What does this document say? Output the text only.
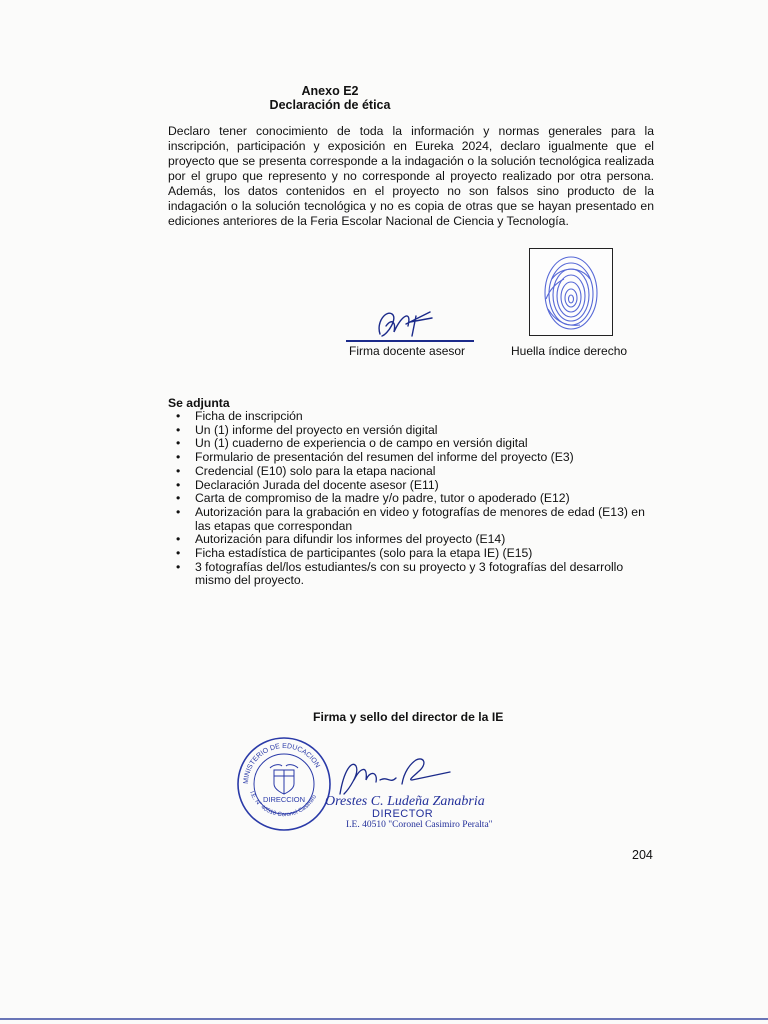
Anexo E2
Declaración de ética

Declaro tener conocimiento de toda la información y normas generales para la inscripción, participación y exposición en Eureka 2024, declaro igualmente que el proyecto que se presenta corresponde a la indagación o la solución tecnológica realizada por el grupo que represento y no corresponde al proyecto realizado por otra persona. Además, los datos contenidos en el proyecto no son falsos sino producto de la indagación o la solución tecnológica y no es copia de otras que se hayan presentado en ediciones anteriores de la Feria Escolar Nacional de Ciencia y Tecnología.

Firma docente asesor	Huella índice derecho
Se adjunta
• Ficha de inscripción
• Un (1) informe del proyecto en versión digital
• Un (1) cuaderno de experiencia o de campo en versión digital
• Formulario de presentación del resumen del informe del proyecto (E3)
• Credencial (E10) solo para la etapa nacional
• Declaración Jurada del docente asesor (E11)
• Carta de compromiso de la madre y/o padre, tutor o apoderado (E12)
• Autorización para la grabación en video y fotografías de menores de edad (E13) en las etapas que correspondan
• Autorización para difundir los informes del proyecto (E14)
• Ficha estadística de participantes (solo para la etapa IE) (E15)
• 3 fotografías del/los estudiantes/s con su proyecto y 3 fotografías del desarrollo mismo del proyecto.
Firma y sello del director de la IE
MINISTERIO DE EDUCACION
I.E. N° 40510 Coronel Casimiro
DIRECCION Orestes C. Ludeña Zanabria
DIRECTOR
I.E. 40510 "Coronel Casimiro Peralta"
204
